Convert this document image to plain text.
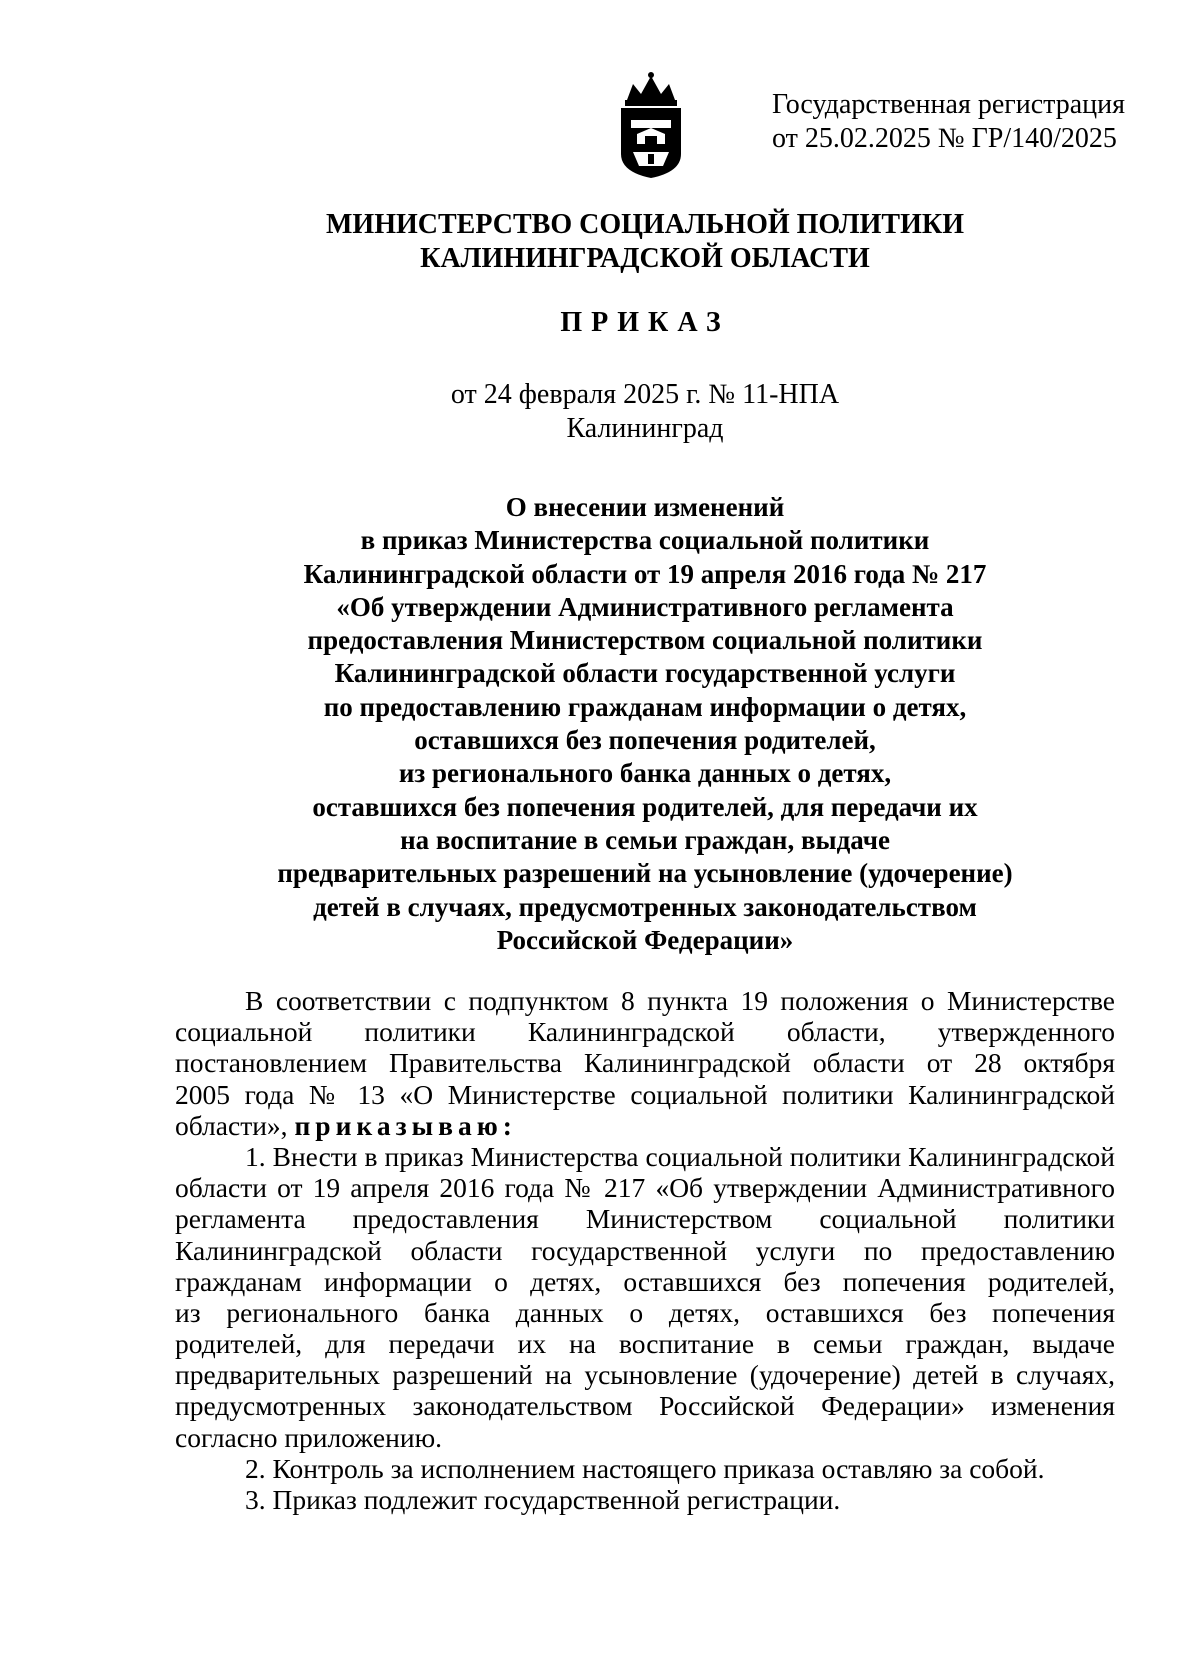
Государственная регистрация
от 25.02.2025 № ГР/140/2025
МИНИСТЕРСТВО СОЦИАЛЬНОЙ ПОЛИТИКИ
КАЛИНИНГРАДСКОЙ ОБЛАСТИ
ПРИКАЗ
от 24 февраля 2025 г. № 11-НПА
Калининград
О внесении изменений
в приказ Министерства социальной политики
Калининградской области от 19 апреля 2016 года № 217
«Об утверждении Административного регламента
предоставления Министерством социальной политики
Калининградской области государственной услуги
по предоставлению гражданам информации о детях,
оставшихся без попечения родителей,
из регионального банка данных о детях,
оставшихся без попечения родителей, для передачи их
на воспитание в семьи граждан, выдаче
предварительных разрешений на усыновление (удочерение)
детей в случаях, предусмотренных законодательством
Российской Федерации»
В соответствии с подпунктом 8 пункта 19 положения о Министерстве
социальной политики Калининградской области, утвержденного
постановлением Правительства Калининградской области от 28 октября
2005 года № 13 «О Министерстве социальной политики Калининградской
области», приказываю:
1. Внести в приказ Министерства социальной политики Калининградской
области от 19 апреля 2016 года № 217 «Об утверждении Административного
регламента предоставления Министерством социальной политики
Калининградской области государственной услуги по предоставлению
гражданам информации о детях, оставшихся без попечения родителей,
из регионального банка данных о детях, оставшихся без попечения
родителей, для передачи их на воспитание в семьи граждан, выдаче
предварительных разрешений на усыновление (удочерение) детей в случаях,
предусмотренных законодательством Российской Федерации» изменения
согласно приложению.
2. Контроль за исполнением настоящего приказа оставляю за собой.
3. Приказ подлежит государственной регистрации.
